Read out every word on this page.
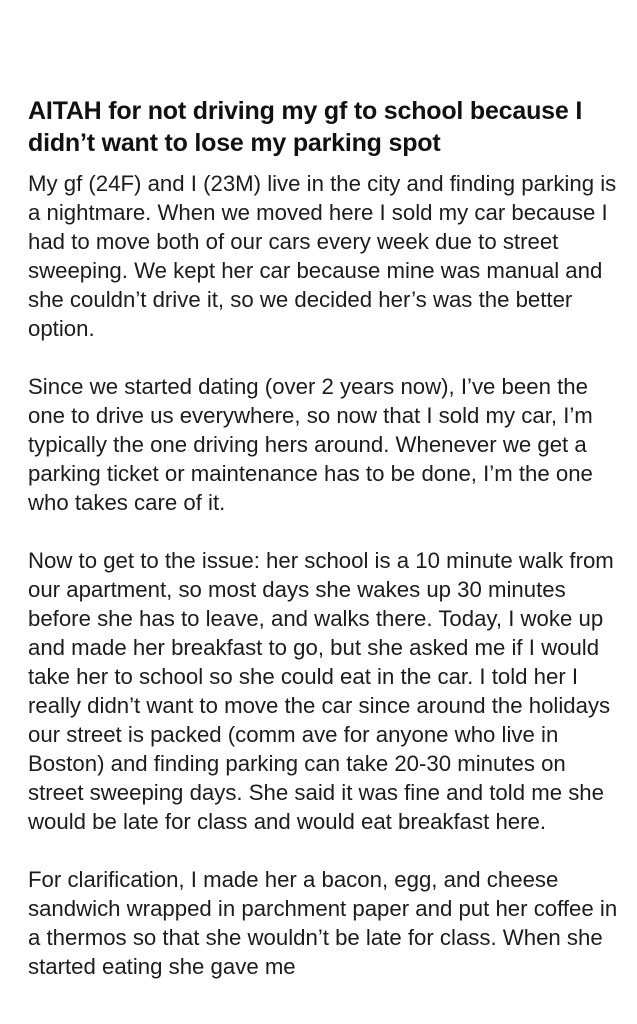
AITAH for not driving my gf to school because I didn’t want to lose my parking spot

My gf (24F) and I (23M) live in the city and finding parking is a nightmare. When we moved here I sold my car because I had to move both of our cars every week due to street sweeping. We kept her car because mine was manual and she couldn’t drive it, so we decided her’s was the better option.

Since we started dating (over 2 years now), I’ve been the one to drive us everywhere, so now that I sold my car, I’m typically the one driving hers around. Whenever we get a parking ticket or maintenance has to be done, I’m the one who takes care of it.

Now to get to the issue: her school is a 10 minute walk from our apartment, so most days she wakes up 30 minutes before she has to leave, and walks there. Today, I woke up and made her breakfast to go, but she asked me if I would take her to school so she could eat in the car. I told her I really didn’t want to move the car since around the holidays our street is packed (comm ave for anyone who live in Boston) and finding parking can take 20-30 minutes on street sweeping days. She said it was fine and told me she would be late for class and would eat breakfast here.

For clarification, I made her a bacon, egg, and cheese sandwich wrapped in parchment paper and put her coffee in a thermos so that she wouldn’t be late for class. When she started eating she gave me
